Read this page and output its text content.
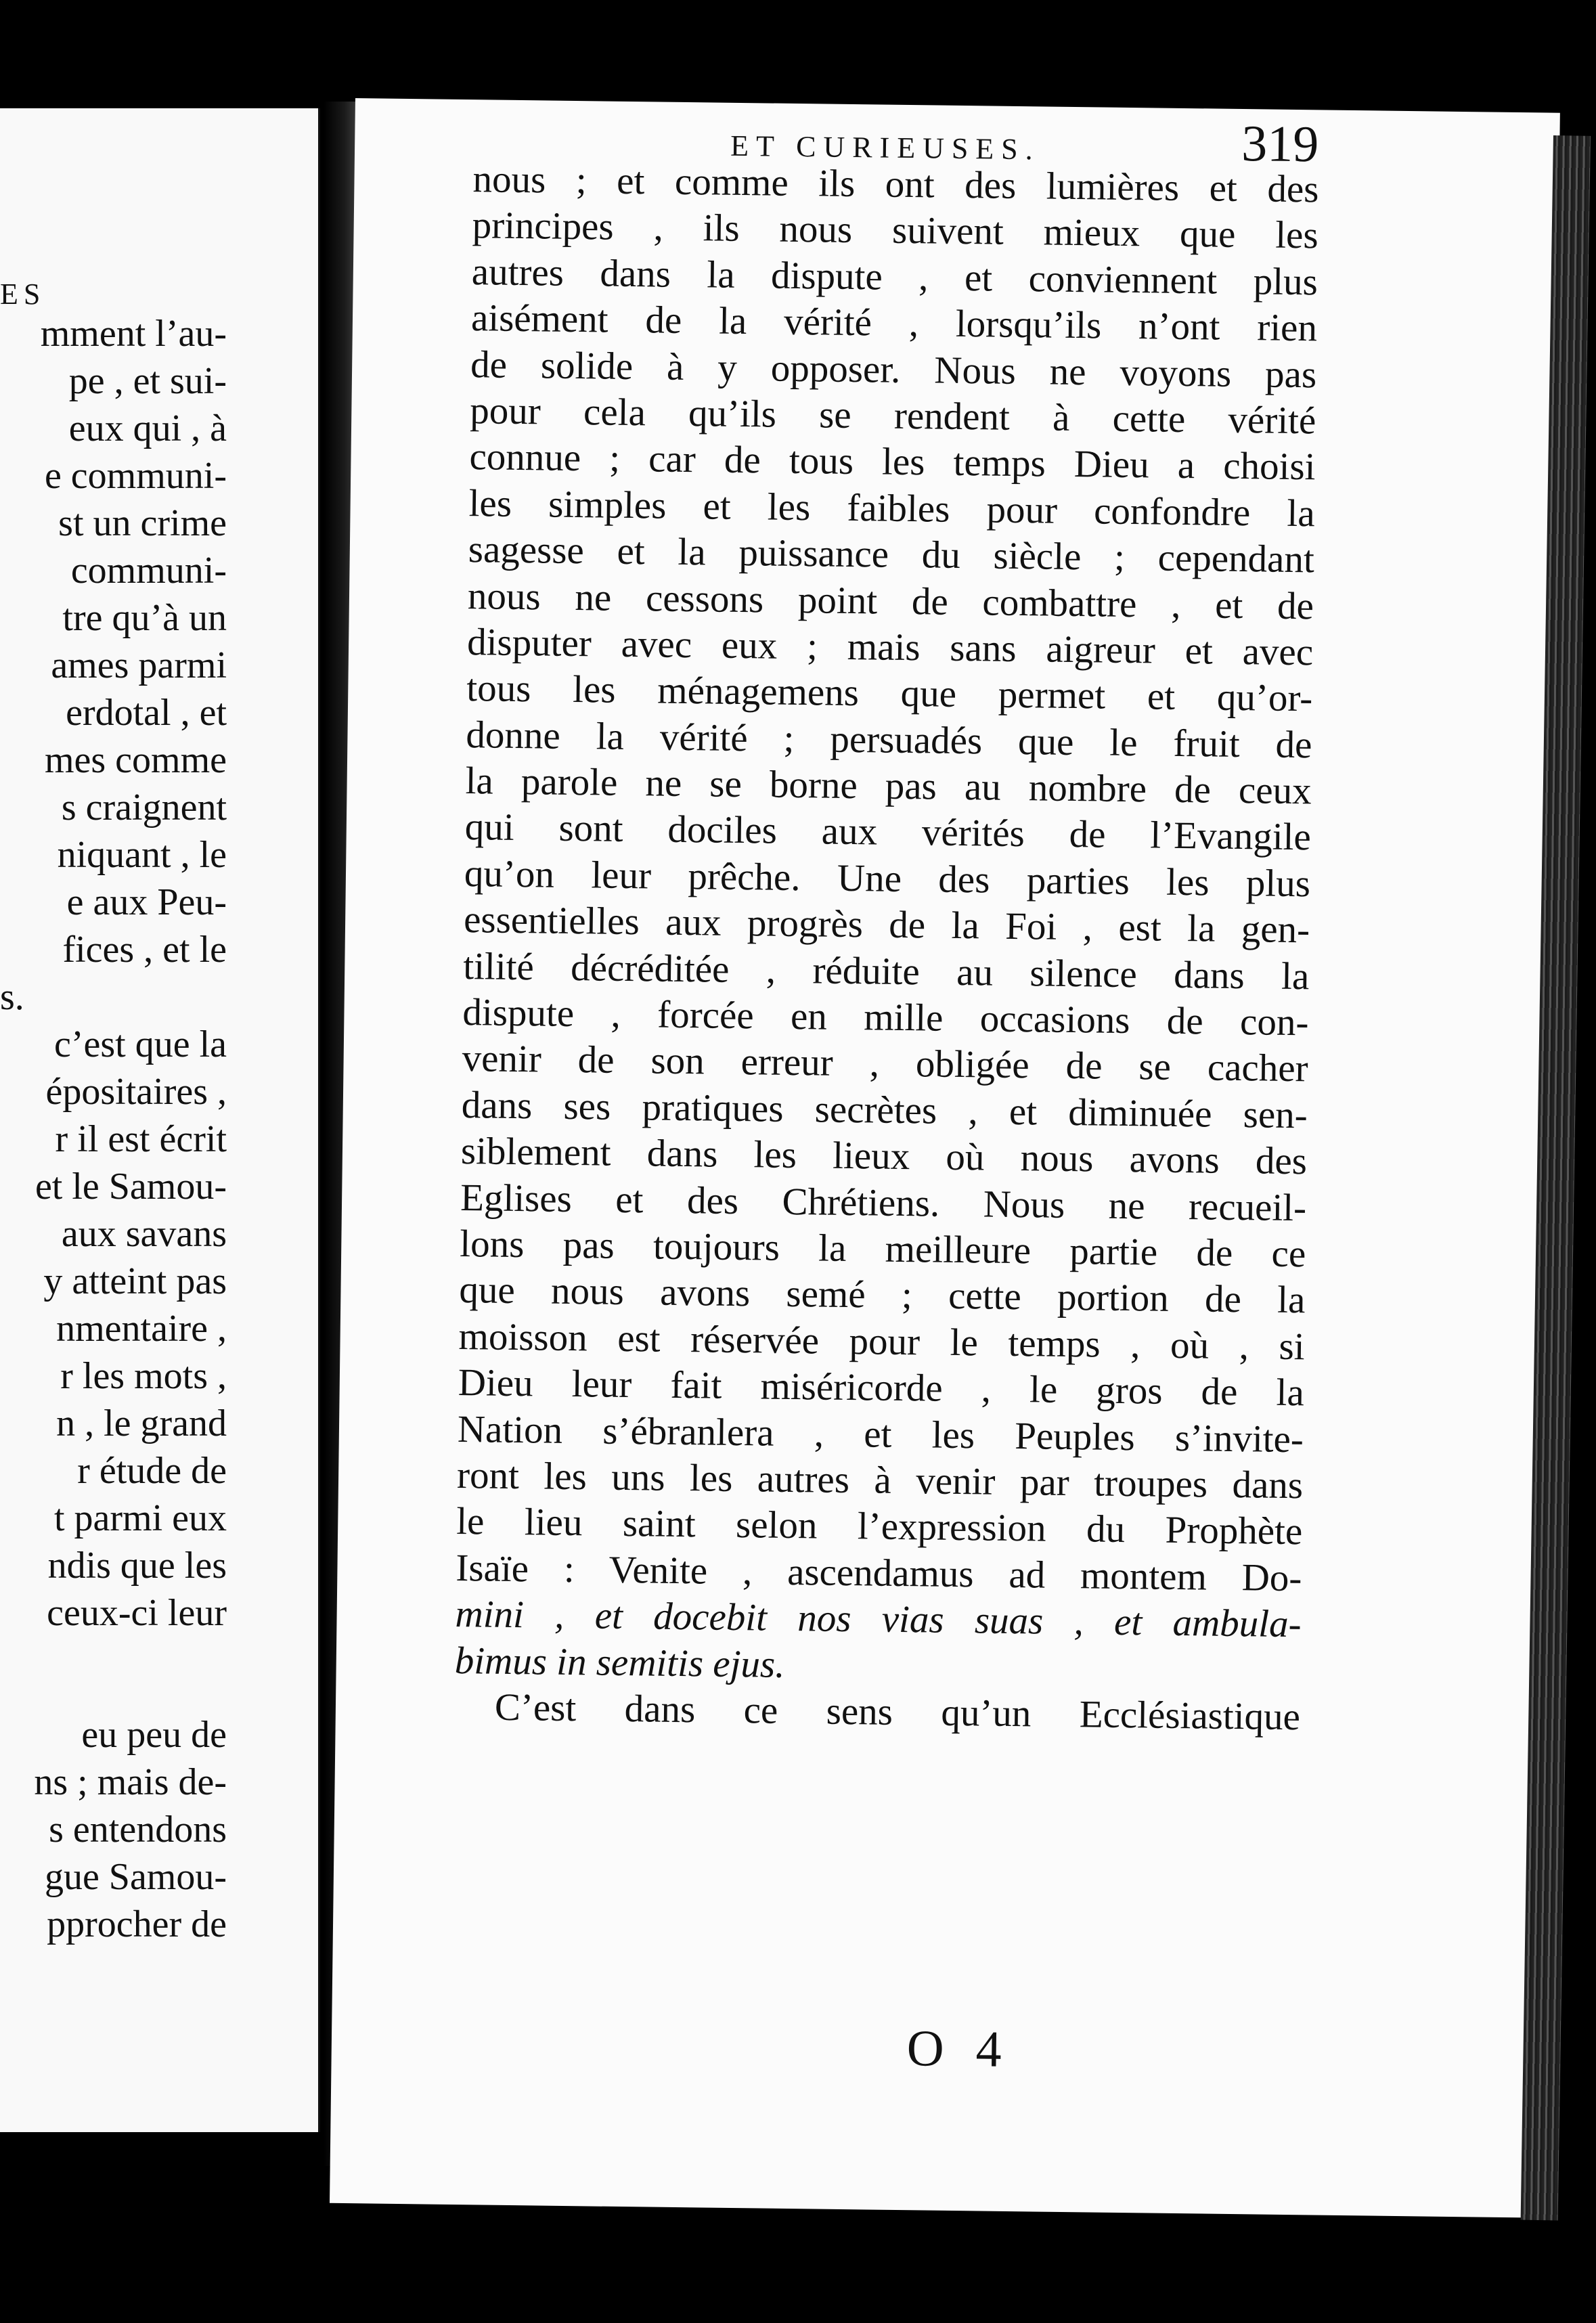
ES
mment l’au-
pe , et sui-
eux qui , à
e communi-
st un crime
communi-
tre qu’à un
ames parmi
erdotal , et
mes comme
s craignent
niquant , le
e aux Peu-
fices , et le
s.
c’est que la
épositaires ,
r il est écrit
et le Samou-
aux savans
y atteint pas
nmentaire ,
r les mots ,
n , le grand
r étude de
t parmi eux
ndis que les
ceux-ci leur
eu peu de
ns ; mais de-
s entendons
gue Samou-
pprocher de
ET CURIEUSES.	319
nous ; et comme ils ont des lumières et des
principes , ils nous suivent mieux que les
autres dans la dispute , et conviennent plus
aisément de la vérité , lorsqu’ils n’ont rien
de solide à y opposer. Nous ne voyons pas
pour cela qu’ils se rendent à cette vérité
connue ; car de tous les temps Dieu a choisi
les simples et les faibles pour confondre la
sagesse et la puissance du siècle ; cependant
nous ne cessons point de combattre , et de
disputer avec eux ; mais sans aigreur et avec
tous les ménagemens que permet et qu’or-
donne la vérité ; persuadés que le fruit de
la parole ne se borne pas au nombre de ceux
qui sont dociles aux vérités de l’Evangile
qu’on leur prêche. Une des parties les plus
essentielles aux progrès de la Foi , est la gen-
tilité décréditée , réduite au silence dans la
dispute , forcée en mille occasions de con-
venir de son erreur , obligée de se cacher
dans ses pratiques secrètes , et diminuée sen-
siblement dans les lieux où nous avons des
Eglises et des Chrétiens. Nous ne recueil-
lons pas toujours la meilleure partie de ce
que nous avons semé ; cette portion de la
moisson est réservée pour le temps , où , si
Dieu leur fait miséricorde , le gros de la
Nation s’ébranlera , et les Peuples s’invite-
ront les uns les autres à venir par troupes dans
le lieu saint selon l’expression du Prophète
Isaïe : Venite , ascendamus ad montem Do-
mini , et docebit nos vias suas , et ambula-
bimus in semitis ejus.
C’est dans ce sens qu’un Ecclésiastique
O 4
